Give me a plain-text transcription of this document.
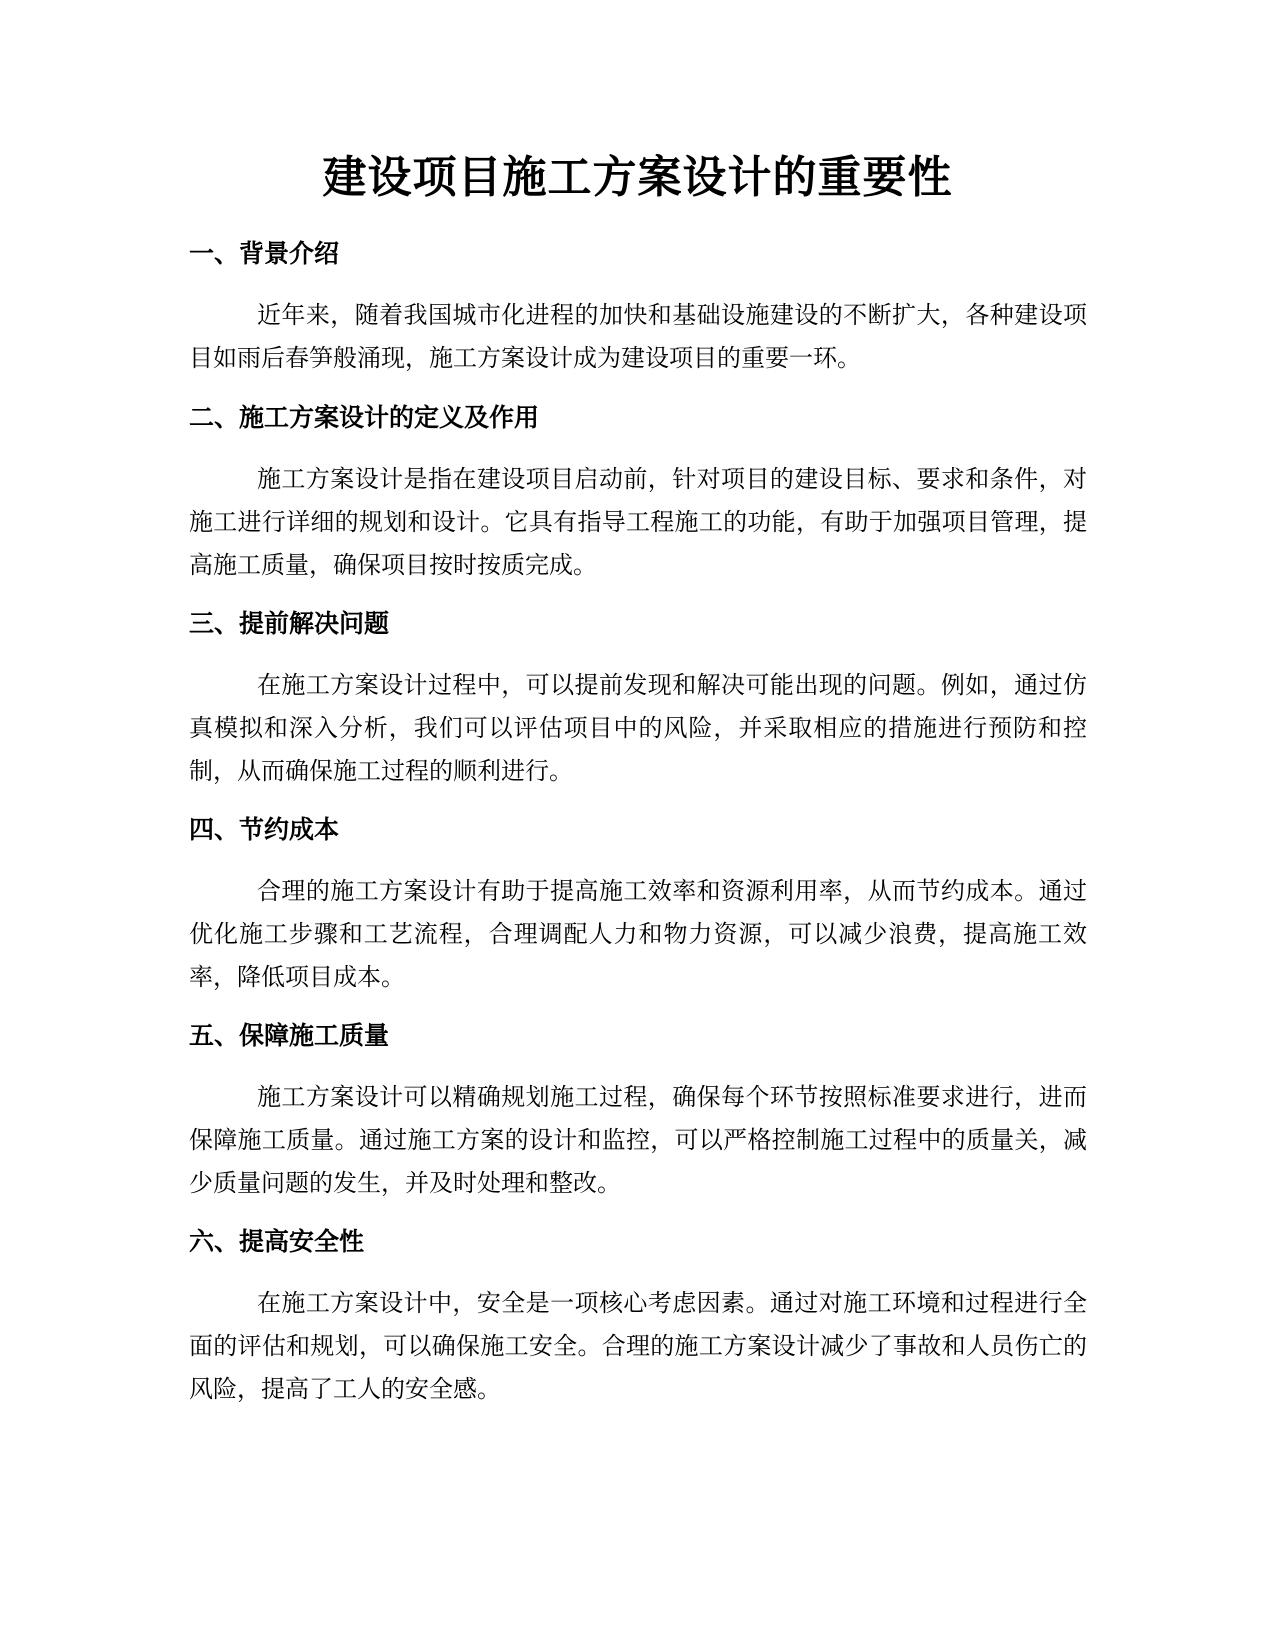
建设项目施工方案设计的重要性
一、背景介绍

近年来，随着我国城市化进程的加快和基础设施建设的不断扩大，各种建设项目如雨后春笋般涌现，施工方案设计成为建设项目的重要一环。

二、施工方案设计的定义及作用

施工方案设计是指在建设项目启动前，针对项目的建设目标、要求和条件，对施工进行详细的规划和设计。它具有指导工程施工的功能，有助于加强项目管理，提高施工质量，确保项目按时按质完成。

三、提前解决问题

在施工方案设计过程中，可以提前发现和解决可能出现的问题。例如，通过仿真模拟和深入分析，我们可以评估项目中的风险，并采取相应的措施进行预防和控制，从而确保施工过程的顺利进行。

四、节约成本

合理的施工方案设计有助于提高施工效率和资源利用率，从而节约成本。通过优化施工步骤和工艺流程，合理调配人力和物力资源，可以减少浪费，提高施工效率，降低项目成本。

五、保障施工质量

施工方案设计可以精确规划施工过程，确保每个环节按照标准要求进行，进而保障施工质量。通过施工方案的设计和监控，可以严格控制施工过程中的质量关，减少质量问题的发生，并及时处理和整改。

六、提高安全性

在施工方案设计中，安全是一项核心考虑因素。通过对施工环境和过程进行全面的评估和规划，可以确保施工安全。合理的施工方案设计减少了事故和人员伤亡的风险，提高了工人的安全感。
